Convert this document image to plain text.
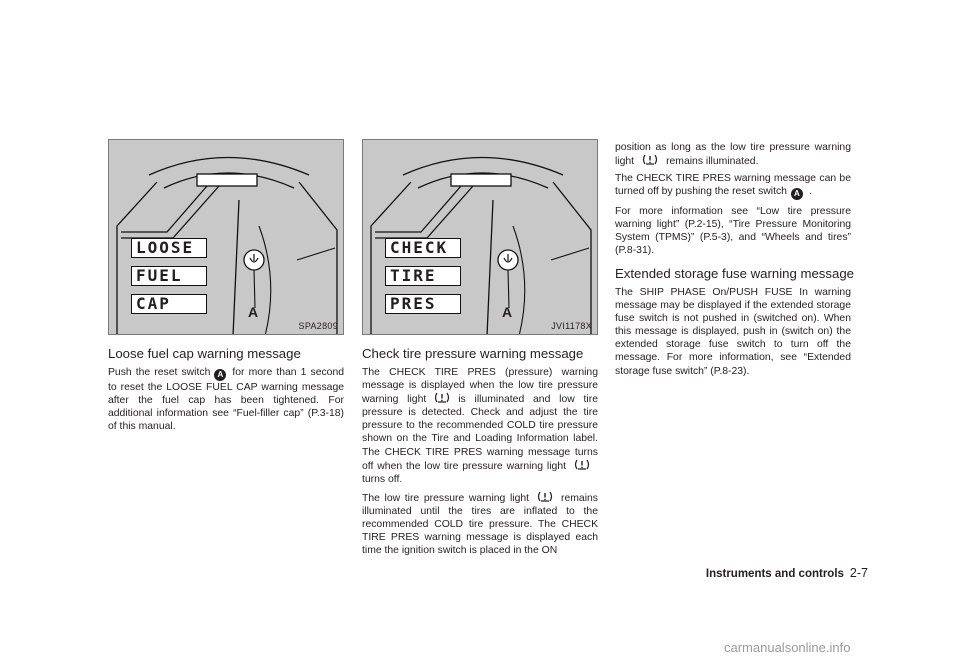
LOOSE
FUEL
CAP	A
SPA2809
CHECK
TIRE
PRES	A
JVI1178X
Loose fuel cap warning message

Push the reset switch A for more than 1 second to reset the LOOSE FUEL CAP warning message after the fuel cap has been tightened. For additional information see “Fuel-filler cap” (P.3-18) of this manual.

Check tire pressure warning message

The CHECK TIRE PRES (pressure) warning message is displayed when the low tire pressure warning light	is illuminated and low tire pressure is detected. Check and adjust the tire pressure to the recommended COLD tire pressure shown on the Tire and Loading Information label. The CHECK TIRE PRES warning message turns off when the low tire pressure warning lightturns off.

The low tire pressure warning light	remains illuminated until the tires are inflated to the recommended COLD tire pressure. The CHECK TIRE PRES warning message is displayed each time the ignition switch is placed in the ON

position as long as the low tire pressure warning light	remains illuminated.

The CHECK TIRE PRES warning message can be turned off by pushing the reset switch A .

For more information see “Low tire pressure warning light” (P.2-15), “Tire Pressure Monitoring System (TPMS)” (P.5-3), and “Wheels and tires” (P.8-31).

Extended storage fuse warning message

The SHIP PHASE On/PUSH FUSE In warning message may be displayed if the extended storage fuse switch is not pushed in (switched on). When this message is displayed, push in (switch on) the extended storage fuse switch to turn off the message. For more information, see “Extended storage fuse switch” (P.8-23).

Instruments and controls 2-7
carmanualsonline.info
